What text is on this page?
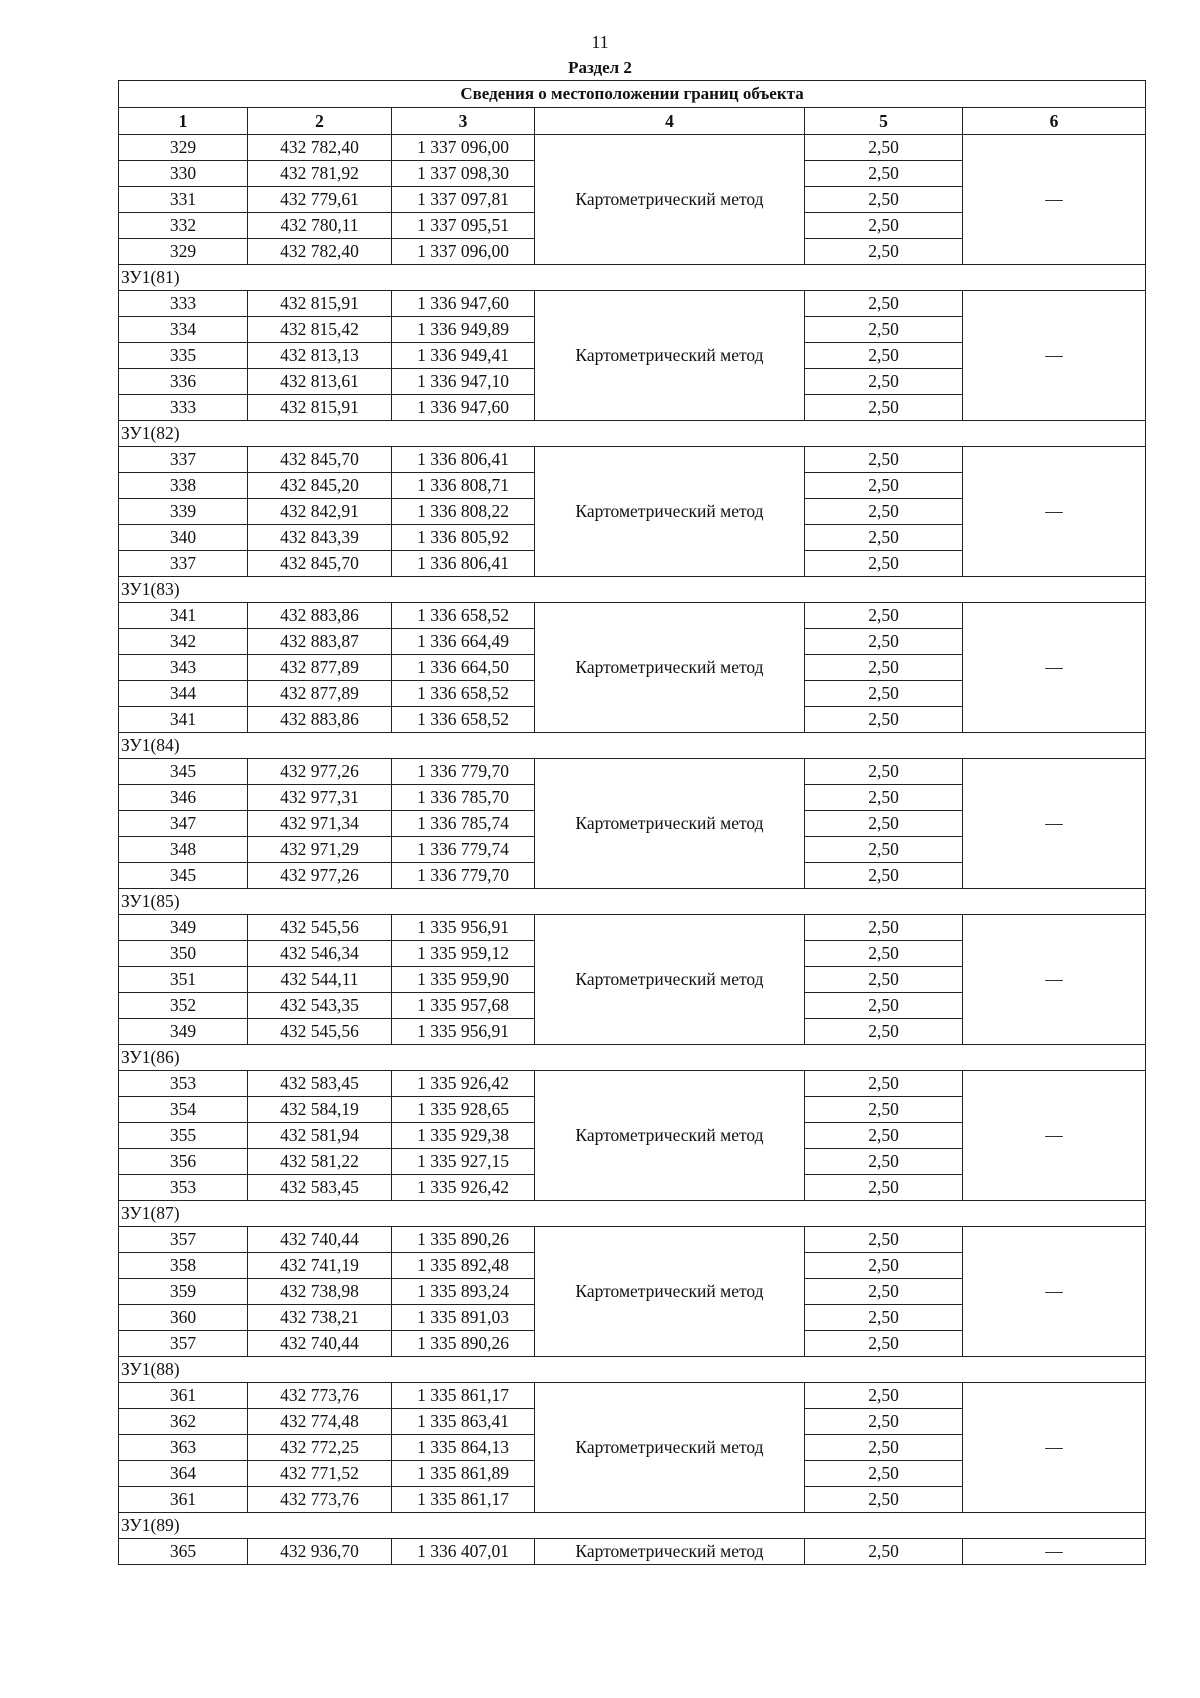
11
Раздел 2
Сведения о местоположении границ объекта					
1	2	3	4	5	6
329	432 782,40	1 337 096,00	Картометрический метод	2,50	—
330	432 781,92	1 337 098,30		2,50	
331	432 779,61	1 337 097,81		2,50	
332	432 780,11	1 337 095,51		2,50	
329	432 782,40	1 337 096,00		2,50	
ЗУ1(81)					
333	432 815,91	1 336 947,60	Картометрический метод	2,50	—
334	432 815,42	1 336 949,89		2,50	
335	432 813,13	1 336 949,41		2,50	
336	432 813,61	1 336 947,10		2,50	
333	432 815,91	1 336 947,60		2,50	
ЗУ1(82)					
337	432 845,70	1 336 806,41	Картометрический метод	2,50	—
338	432 845,20	1 336 808,71		2,50	
339	432 842,91	1 336 808,22		2,50	
340	432 843,39	1 336 805,92		2,50	
337	432 845,70	1 336 806,41		2,50	
ЗУ1(83)					
341	432 883,86	1 336 658,52	Картометрический метод	2,50	—
342	432 883,87	1 336 664,49		2,50	
343	432 877,89	1 336 664,50		2,50	
344	432 877,89	1 336 658,52		2,50	
341	432 883,86	1 336 658,52		2,50	
ЗУ1(84)					
345	432 977,26	1 336 779,70	Картометрический метод	2,50	—
346	432 977,31	1 336 785,70		2,50	
347	432 971,34	1 336 785,74		2,50	
348	432 971,29	1 336 779,74		2,50	
345	432 977,26	1 336 779,70		2,50	
ЗУ1(85)					
349	432 545,56	1 335 956,91	Картометрический метод	2,50	—
350	432 546,34	1 335 959,12		2,50	
351	432 544,11	1 335 959,90		2,50	
352	432 543,35	1 335 957,68		2,50	
349	432 545,56	1 335 956,91		2,50	
ЗУ1(86)					
353	432 583,45	1 335 926,42	Картометрический метод	2,50	—
354	432 584,19	1 335 928,65		2,50	
355	432 581,94	1 335 929,38		2,50	
356	432 581,22	1 335 927,15		2,50	
353	432 583,45	1 335 926,42		2,50	
ЗУ1(87)					
357	432 740,44	1 335 890,26	Картометрический метод	2,50	—
358	432 741,19	1 335 892,48		2,50	
359	432 738,98	1 335 893,24		2,50	
360	432 738,21	1 335 891,03		2,50	
357	432 740,44	1 335 890,26		2,50	
ЗУ1(88)					
361	432 773,76	1 335 861,17	Картометрический метод	2,50	—
362	432 774,48	1 335 863,41		2,50	
363	432 772,25	1 335 864,13		2,50	
364	432 771,52	1 335 861,89		2,50	
361	432 773,76	1 335 861,17		2,50	
ЗУ1(89)					
365	432 936,70	1 336 407,01	Картометрический метод	2,50	—
